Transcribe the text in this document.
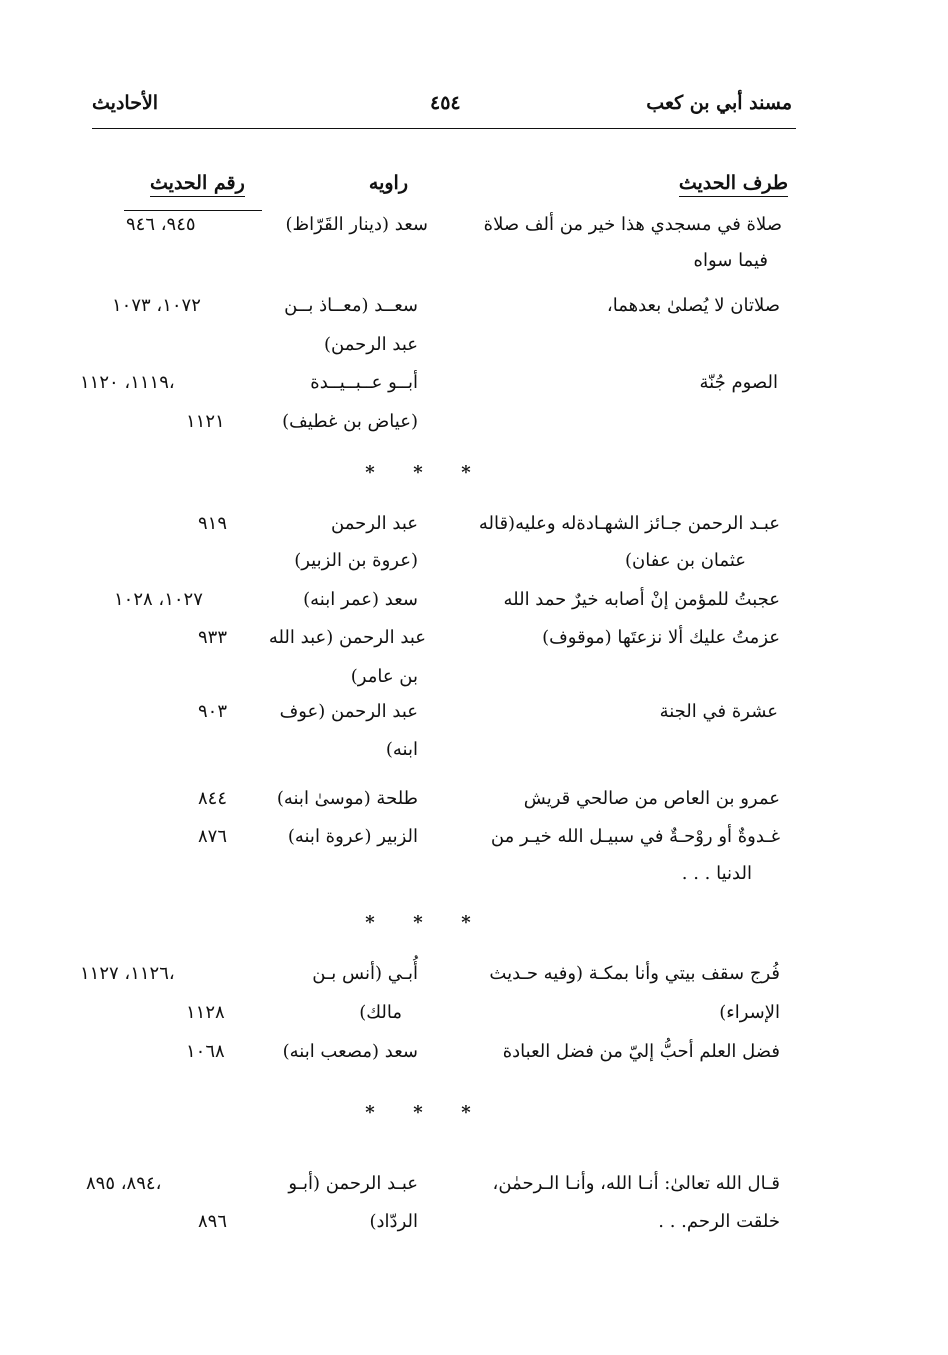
مسند أبي بن كعب
٤٥٤
الأحاديث
طرف الحديث
راويه
رقم الحديث
صلاة في مسجدي هذا خير من ألف صلاة
فيما سواه
سعد (دينار القَرّاظ)
٩٤٥، ٩٤٦
صلاتان لا يُصلىٰ بعدهما،
سعــد (معــاذ بــن
عبد الرحمن)
١٠٧٢، ١٠٧٣
الصوم جُنّة
أبــو عــبــيــدة
(عياض بن غطيف)
١١١٩، ١١٢٠،
١١٢١
* * *
عبـد الرحمن جـائز الشهـادةله وعليه(قاله
عثمان بن عفان)
عبد الرحمن
(عروة بن الزبير)
٩١٩
عجبتُ للمؤمن إنْ أصابه خيرٌ حمد الله
سعد (عمر ابنه)
١٠٢٧، ١٠٢٨
عزمتُ عليك ألا نزعتَها (موقوف)
عبد الرحمن (عبد الله
بن عامر)
٩٣٣
عشرة في الجنة
عبد الرحمن (عوف
ابنه)
٩٠٣
عمرو بن العاص من صالحي قريش
طلحة (موسىٰ ابنه)
٨٤٤
غـدوةٌ أو روْحـةٌ في سبيـل الله خيـر من
الدنيا . . .
الزبير (عروة ابنه)
٨٧٦
* * *
فُرج سقف بيتي وأنا بمكـة (وفيه حـديث
الإسراء)
أُبـي (أنس بـن
مالك)
١١٢٦، ١١٢٧،
١١٢٨
فضل العلم أحبُّ إليّ من فضل العبادة
سعد (مصعب ابنه)
١٠٦٨
* * *
قـال الله تعالىٰ: أنـا الله، وأنـا الـرحمٰن،
خلقت الرحم. . .
عبـد الرحمن (أبـو
الردّاد)
٨٩٤، ٨٩٥،
٨٩٦
